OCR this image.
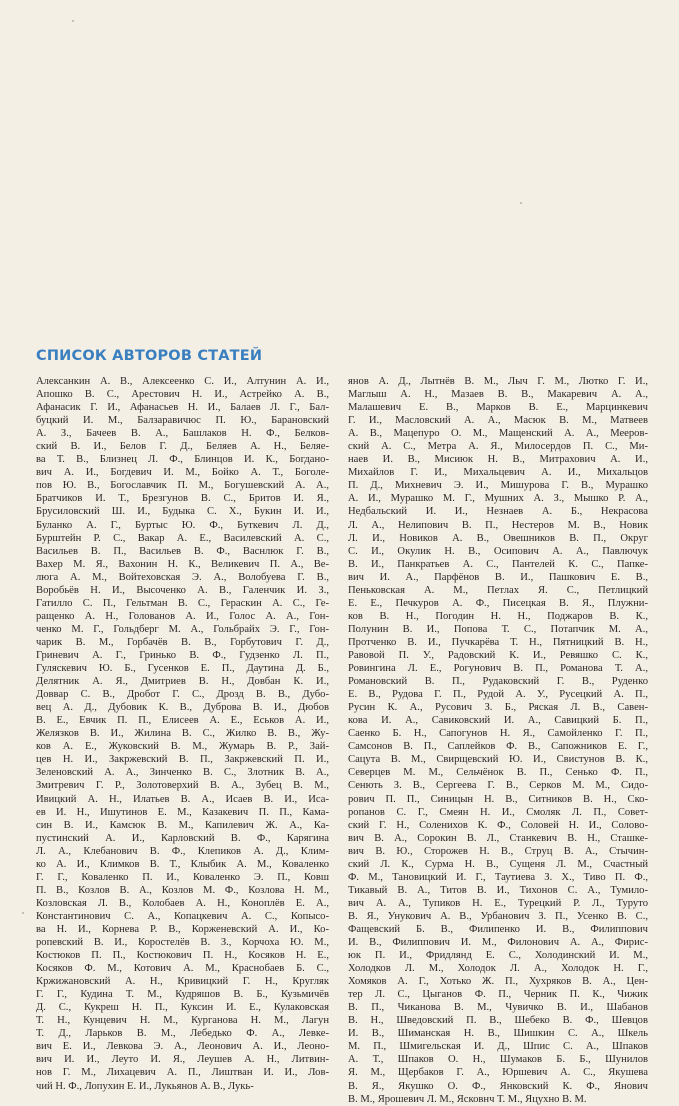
СПИСОК АВТОРОВ СТАТЕЙ
Алексанкин А. В., Алексеенко С. И., Алтунин А. И.,
Апошко В. С., Арестович Н. И., Астрейко А. В.,
Афанасик Г. И., Афанасьев Н. И., Балаев Л. Г., Бал-
буцкий И. М., Балзаравичюс П. Ю., Барановский
А. З., Бачеев В. А., Башлаков Н. Ф., Белков-
ский В. И., Белов Г. Д., Беляев А. Н., Беляе-
ва Т. В., Близнец Л. Ф., Блинцов И. К., Богдано-
вич А. И., Богдевич И. М., Бойко А. Т., Боголе-
пов Ю. В., Богославчик П. М., Богушевский А. А.,
Братчиков И. Т., Брезгунов В. С., Бритов И. Я.,
Брусиловский Ш. И., Будыка С. Х., Букин И. И.,
Буланко А. Г., Буртыс Ю. Ф., Буткевич Л. Д.,
Бурштейн Р. С., Вакар А. Е., Василевский А. С.,
Васильев В. П., Васильев В. Ф., Васнлюк Г. В.,
Вахер М. Я., Вахонин Н. К., Великевич П. А., Ве-
люга А. М., Войтеховская Э. А., Волобуева Г. В.,
Воробьёв Н. И., Высоченко А. В., Галенчик И. З.,
Гатилло С. П., Гельтман В. С., Гераскин А. С., Ге-
ращенко А. Н., Голованов А. И., Голос А. А., Гон-
ченко М. Г., Гольдберг М. А., Гольбрайх Э. Г., Гон-
чарик В. М., Горбачёв В. В., Горбутович Г. Д.,
Гриневич А. Г., Гринько В. Ф., Гудзенко Л. П.,
Гуляскевич Ю. Б., Гусенков Е. П., Даутина Д. Б.,
Делятник А. Я., Дмитриев В. Н., Довбан К. И.,
Доввар С. В., Дробот Г. С., Дрозд В. В., Дубо-
вец А. Д., Дубовик К. В., Дуброва В. И., Дюбов
В. Е., Евчик П. П., Елисеев А. Е., Еськов А. И.,
Желязков В. И., Жилина В. С., Жилко В. В., Жу-
ков А. Е., Жуковский В. М., Жумарь В. Р., Зай-
цев Н. И., Закржевский В. П., Закржевский П. И.,
Зеленовский А. А., Зинченко В. С., Злотник В. А.,
Змитревич Г. Р., Золотоверхий В. А., Зубец В. М.,
Ивицкий А. Н., Илатьев В. А., Исаев В. И., Иса-
ев И. Н., Ишутинов Е. М., Казакевич П. П., Кама-
син В. И., Камсюк В. М., Капилевич Ж. А., Ка-
пустинский А. И., Карловский В. Ф., Карягина
Л. А., Клебанович В. Ф., Клепиков А. Д., Клим-
ко А. И., Климков В. Т., Клыбик А. М., Коваленко
Г. Г., Коваленко П. И., Коваленко Э. П., Ковш
П. В., Козлов В. А., Козлов М. Ф., Козлова Н. М.,
Козловская Л. В., Колобаев А. Н., Коноплёв Е. А.,
Константинович С. А., Копацкевич А. С., Копысо-
ва Н. И., Корнева Р. В., Корженевский А. И., Ко-
ропевский В. И., Коростелёв В. З., Корчоха Ю. М.,
Костюков П. П., Костюкович П. Н., Косяков Н. Е.,
Косяков Ф. М., Котович А. М., Краснобаев Б. С.,
Кржижановский А. Н., Кривицкий Г. Н., Кругляк
Г. Г., Кудина Т. М., Кудряшов В. Б., Кузьмичёв
Д. С., Кукреш Н. П., Куксин И. Е., Кулаковская
Т. Н., Кунцевич Н. М., Курганова Н. М., Лагун
Т. Д., Ларьков В. М., Лебедько Ф. А., Левке-
вич Е. И., Левкова Э. А., Леонович А. И., Леоно-
вич И. И., Леуто И. Я., Леушев А. Н., Литвин-
нов Г. М., Лихацевич А. П., Лиштван И. И., Лов-
чий Н. Ф., Лопухин Е. И., Лукьянов А. В., Лукь-
янов А. Д., Лытнёв В. М., Лыч Г. М., Лютко Г. И.,
Маглыш А. Н., Мазаев В. В., Макаревич А. А.,
Малашевич Е. В., Марков В. Е., Марцинкевич
Г. И., Масловский А. А., Масюк В. М., Матвеев
А. В., Мацепуро О. М., Мащенский А. А., Мееров-
ский А. С., Метра А. Я., Милосердов П. С., Ми-
наев И. В., Мисиюк Н. В., Митрахович А. И.,
Михайлов Г. И., Михальцевич А. И., Михальцов
П. Д., Михневич Э. И., Мишурова Г. В., Мурашко
А. И., Мурашко М. Г., Мушних А. З., Мышко Р. А.,
Недбальский И. И., Незнаев А. Б., Некрасова
Л. А., Нелипович В. П., Нестеров М. В., Новик
Л. И., Новиков А. В., Овешников В. П., Округ
С. И., Окулик Н. В., Осипович А. А., Павлючук
В. И., Панкратьев А. С., Пантелей К. С., Папке-
вич И. А., Парфёнов В. И., Пашкович Е. В.,
Пеньковская А. М., Петлах Я. С., Петлицкий
Е. Е., Печкуров А. Ф., Писецкая В. Я., Плужни-
ков В. Н., Погодин Н. Н., Поджаров В. К.,
Полунин В. И., Попова Т. С., Потапчик М. А.,
Протченко В. И., Пучкарёва Т. Н., Пятницкий В. Н.,
Равовой П. У., Радовский К. И., Ревяшко С. К.,
Ровингина Л. Е., Рогунович В. П., Романова Т. А.,
Романовский В. П., Рудаковский Г. В., Руденко
Е. В., Рудова Г. П., Рудой А. У., Русецкий А. П.,
Русин К. А., Русович З. Б., Ряская Л. В., Савен-
кова И. А., Савиковский И. А., Савицкий Б. П.,
Саенко Б. Н., Сапогунов Н. Я., Самойленко Г. П.,
Самсонов В. П., Саплейков Ф. В., Сапожников Е. Г.,
Сацута В. М., Свирщевский Ю. И., Свистунов В. К.,
Северцев М. М., Сельчёнок В. П., Сенько Ф. П.,
Сенють З. В., Сергеева Г. В., Серков М. М., Сидо-
рович П. П., Синицын Н. В., Ситников В. Н., Ско-
ропанов С. Г., Смеян Н. И., Смоляк Л. П., Совет-
ский Г. Н., Соленихов К. Ф., Соловей Н. И., Солово-
вич В. А., Сорокин В. Л., Станкевич В. Н., Сташке-
вич В. Ю., Сторожев Н. В., Струц В. А., Стычин-
ский Л. К., Сурма Н. В., Сущеня Л. М., Счастный
Ф. М., Тановицкий И. Г., Таутиева З. Х., Тиво П. Ф.,
Тикавый В. А., Титов В. И., Тихонов С. А., Тумило-
вич А. А., Тупиков Н. Е., Турецкий Р. Л., Туруто
В. Я., Унукович А. В., Урбанович З. П., Усенко В. С.,
Фащевский Б. В., Филипенко И. В., Филиппович
И. В., Филиппович И. М., Филонович А. А., Фирис-
юк П. И., Фридлянд Е. С., Холодинский И. М.,
Холодков Л. М., Холодок Л. А., Холодок Н. Г.,
Хомяков А. Г., Хотько Ж. П., Хухряков В. А., Цен-
тер Л. С., Цыганов Ф. П., Черник П. К., Чижик
В. П., Чиканова В. М., Чувичко В. И., Шабанов
В. Н., Шведовский П. В., Шебеко В. Ф., Шевцов
И. В., Шиманская Н. В., Шишкин С. А., Шкель
М. П., Шмигельская И. Д., Шпис С. А., Шпаков
А. Т., Шпаков О. Н., Шумаков Б. Б., Шунилов
Я. М., Щербаков Г. А., Юршевич А. С., Якушева
В. Я., Якушко О. Ф., Янковский К. Ф., Янович
В. М., Ярошевич Л. М., Ясковнч Т. М., Яцухно В. М.
